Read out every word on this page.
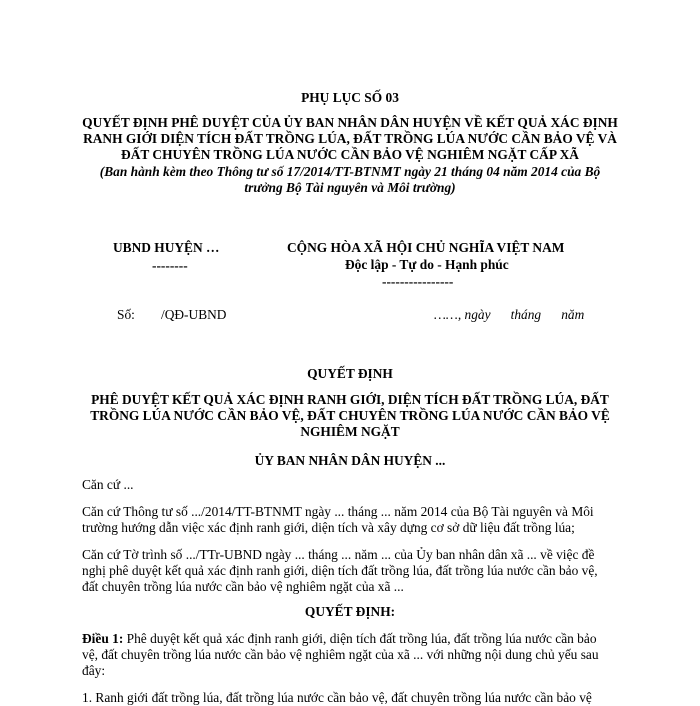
PHỤ LỤC SỐ 03
QUYẾT ĐỊNH PHÊ DUYỆT CỦA ỦY BAN NHÂN DÂN HUYỆN VỀ KẾT QUẢ XÁC ĐỊNH
RANH GIỚI DIỆN TÍCH ĐẤT TRỒNG LÚA, ĐẤT TRỒNG LÚA NƯỚC CẦN BẢO VỆ VÀ
ĐẤT CHUYÊN TRỒNG LÚA NƯỚC CẦN BẢO VỆ NGHIÊM NGẶT CẤP XÃ
(Ban hành kèm theo Thông tư số 17/2014/TT-BTNMT ngày 21 tháng 04 năm 2014 của Bộ
trưởng Bộ Tài nguyên và Môi trường)
UBND HUYỆN …
--------
CỘNG HÒA XÃ HỘI CHỦ NGHĨA VIỆT NAM
Độc lập - Tự do - Hạnh phúc
----------------
Số: /QĐ-UBND	……, ngày      tháng      năm
QUYẾT ĐỊNH
PHÊ DUYỆT KẾT QUẢ XÁC ĐỊNH RANH GIỚI, DIỆN TÍCH ĐẤT TRỒNG LÚA, ĐẤT
TRỒNG LÚA NƯỚC CẦN BẢO VỆ, ĐẤT CHUYÊN TRỒNG LÚA NƯỚC CẦN BẢO VỆ
NGHIÊM NGẶT
ỦY BAN NHÂN DÂN HUYỆN ...
Căn cứ ...
Căn cứ Thông tư số .../2014/TT-BTNMT ngày ... tháng ... năm 2014 của Bộ Tài nguyên và Môi
trường hướng dẫn việc xác định ranh giới, diện tích và xây dựng cơ sở dữ liệu đất trồng lúa;
Căn cứ Tờ trình số .../TTr-UBND ngày ... tháng ... năm ... của Ủy ban nhân dân xã ... về việc đề
nghị phê duyệt kết quả xác định ranh giới, diện tích đất trồng lúa, đất trồng lúa nước cần bảo vệ,
đất chuyên trồng lúa nước cần bảo vệ nghiêm ngặt của xã ...
QUYẾT ĐỊNH:
Điều 1: Phê duyệt kết quả xác định ranh giới, diện tích đất trồng lúa, đất trồng lúa nước cần bảo
vệ, đất chuyên trồng lúa nước cần bảo vệ nghiêm ngặt của xã ... với những nội dung chủ yếu sau
đây:
1. Ranh giới đất trồng lúa, đất trồng lúa nước cần bảo vệ, đất chuyên trồng lúa nước cần bảo vệ
